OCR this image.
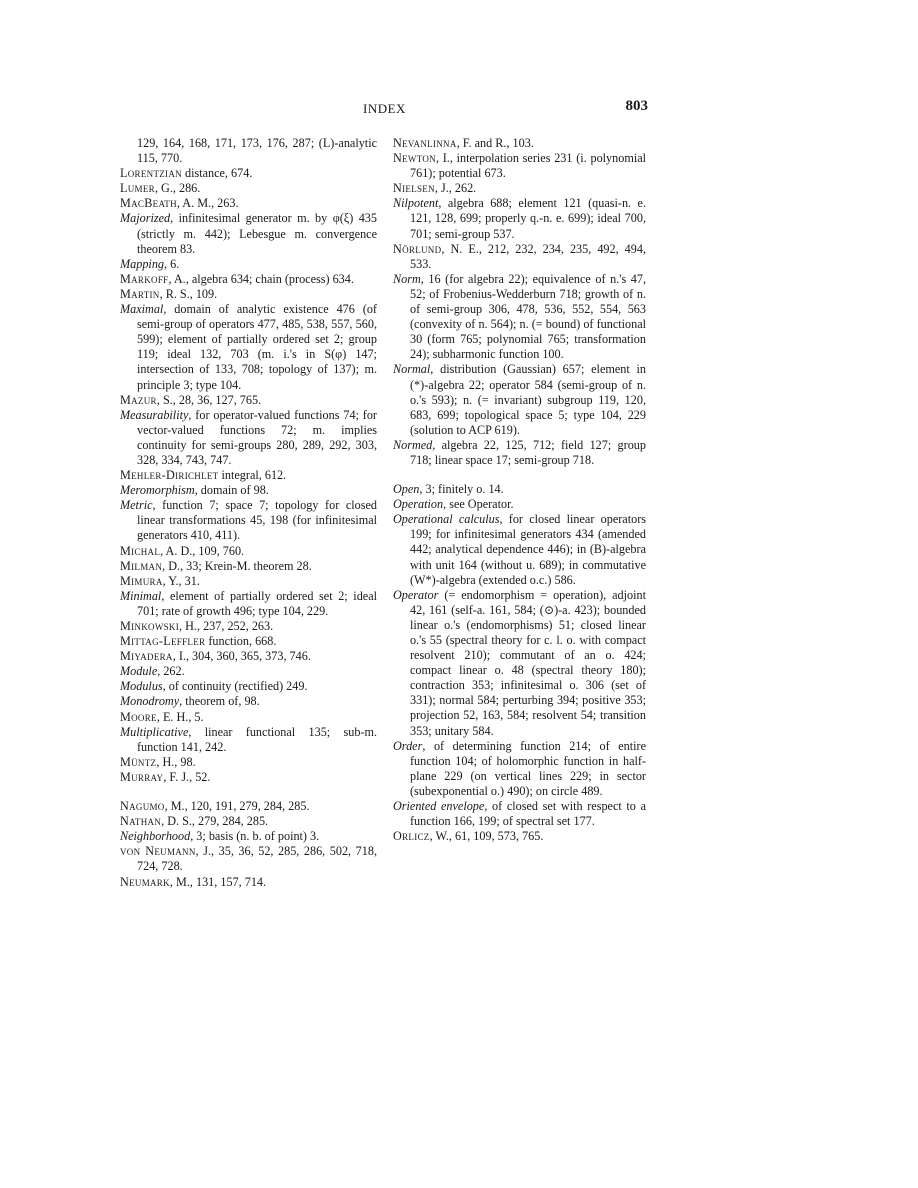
INDEX	803

129, 164, 168, 171, 173, 176, 287; (L)-analytic 115, 770.

Lorentzian distance, 674.

Lumer, G., 286.

MacBeath, A. M., 263.

Majorized, infinitesimal generator m. by φ(ξ) 435 (strictly m. 442); Lebesgue m. convergence theorem 83.

Mapping, 6.

Markoff, A., algebra 634; chain (process) 634.

Martin, R. S., 109.

Maximal, domain of analytic existence 476 (of semi-group of operators 477, 485, 538, 557, 560, 599); element of partially ordered set 2; group 119; ideal 132, 703 (m. i.'s in S(φ) 147; intersection of 133, 708; topology of 137); m. principle 3; type 104.

Mazur, S., 28, 36, 127, 765.

Measurability, for operator-valued functions 74; for vector-valued functions 72; m. implies continuity for semi-groups 280, 289, 292, 303, 328, 334, 743, 747.

Mehler-Dirichlet integral, 612.

Meromorphism, domain of 98.

Metric, function 7; space 7; topology for closed linear transformations 45, 198 (for infinitesimal generators 410, 411).

Michal, A. D., 109, 760.

Milman, D., 33; Krein-M. theorem 28.

Mimura, Y., 31.

Minimal, element of partially ordered set 2; ideal 701; rate of growth 496; type 104, 229.

Minkowski, H., 237, 252, 263.

Mittag-Leffler function, 668.

Miyadera, I., 304, 360, 365, 373, 746.

Module, 262.

Modulus, of continuity (rectified) 249.

Monodromy, theorem of, 98.

Moore, E. H., 5.

Multiplicative, linear functional 135; sub-m. function 141, 242.

Müntz, H., 98.

Murray, F. J., 52.

Nagumo, M., 120, 191, 279, 284, 285.

Nathan, D. S., 279, 284, 285.

Neighborhood, 3; basis (n. b. of point) 3.

von Neumann, J., 35, 36, 52, 285, 286, 502, 718, 724, 728.

Neumark, M., 131, 157, 714.

Nevanlinna, F. and R., 103.

Newton, I., interpolation series 231 (i. polynomial 761); potential 673.

Nielsen, J., 262.

Nilpotent, algebra 688; element 121 (quasi-n. e. 121, 128, 699; properly q.-n. e. 699); ideal 700, 701; semi-group 537.

Nörlund, N. E., 212, 232, 234, 235, 492, 494, 533.

Norm, 16 (for algebra 22); equivalence of n.'s 47, 52; of Frobenius-Wedderburn 718; growth of n. of semi-group 306, 478, 536, 552, 554, 563 (convexity of n. 564); n. (= bound) of functional 30 (form 765; polynomial 765; transformation 24); subharmonic function 100.

Normal, distribution (Gaussian) 657; element in (*)-algebra 22; operator 584 (semi-group of n. o.'s 593); n. (= invariant) subgroup 119, 120, 683, 699; topological space 5; type 104, 229 (solution to ACP 619).

Normed, algebra 22, 125, 712; field 127; group 718; linear space 17; semi-group 718.

Open, 3; finitely o. 14.

Operation, see Operator.

Operational calculus, for closed linear operators 199; for infinitesimal generators 434 (amended 442; analytical dependence 446); in (B)-algebra with unit 164 (without u. 689); in commutative (W*)-algebra (extended o.c.) 586.

Operator (= endomorphism = operation), adjoint 42, 161 (self-a. 161, 584; (⊙)-a. 423); bounded linear o.'s (endomorphisms) 51; closed linear o.'s 55 (spectral theory for c. l. o. with compact resolvent 210); commutant of an o. 424; compact linear o. 48 (spectral theory 180); contraction 353; infinitesimal o. 306 (set of 331); normal 584; perturbing 394; positive 353; projection 52, 163, 584; resolvent 54; transition 353; unitary 584.

Order, of determining function 214; of entire function 104; of holomorphic function in half-plane 229 (on vertical lines 229; in sector (subexponential o.) 490); on circle 489.

Oriented envelope, of closed set with respect to a function 166, 199; of spectral set 177.

Orlicz, W., 61, 109, 573, 765.
